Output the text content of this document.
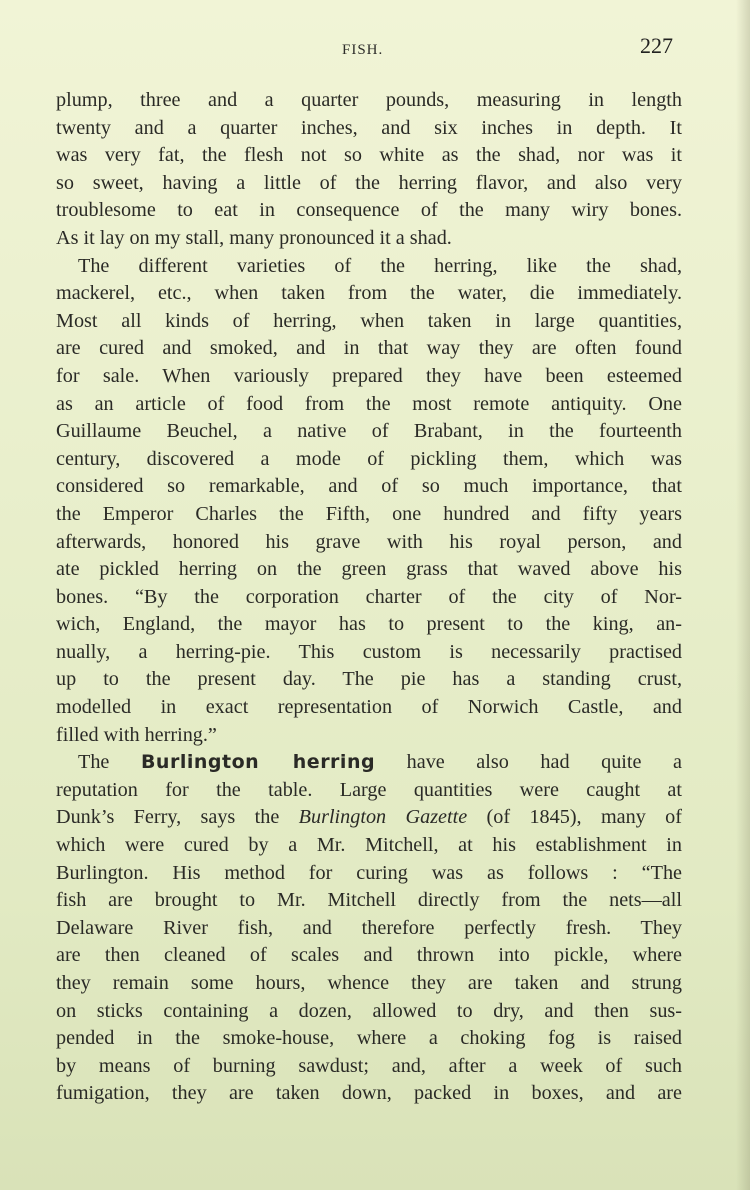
FISH.	227
plump, three and a quarter pounds, measuring in length
twenty and a quarter inches, and six inches in depth. It
was very fat, the flesh not so white as the shad, nor was it
so sweet, having a little of the herring flavor, and also very
troublesome to eat in consequence of the many wiry bones.
As it lay on my stall, many pronounced it a shad.
The different varieties of the herring, like the shad,
mackerel, etc., when taken from the water, die immediately.
Most all kinds of herring, when taken in large quantities,
are cured and smoked, and in that way they are often found
for sale. When variously prepared they have been esteemed
as an article of food from the most remote antiquity. One
Guillaume Beuchel, a native of Brabant, in the fourteenth
century, discovered a mode of pickling them, which was
considered so remarkable, and of so much importance, that
the Emperor Charles the Fifth, one hundred and fifty years
afterwards, honored his grave with his royal person, and
ate pickled herring on the green grass that waved above his
bones. “By the corporation charter of the city of Nor-
wich, England, the mayor has to present to the king, an-
nually, a herring-pie. This custom is necessarily practised
up to the present day. The pie has a standing crust,
modelled in exact representation of Norwich Castle, and
filled with herring.”
The Burlington herring have also had quite a
reputation for the table. Large quantities were caught at
Dunk’s Ferry, says the Burlington Gazette (of 1845), many of
which were cured by a Mr. Mitchell, at his establishment in
Burlington. His method for curing was as follows : “The
fish are brought to Mr. Mitchell directly from the nets—all
Delaware River fish, and therefore perfectly fresh. They
are then cleaned of scales and thrown into pickle, where
they remain some hours, whence they are taken and strung
on sticks containing a dozen, allowed to dry, and then sus-
pended in the smoke-house, where a choking fog is raised
by means of burning sawdust; and, after a week of such
fumigation, they are taken down, packed in boxes, and are
